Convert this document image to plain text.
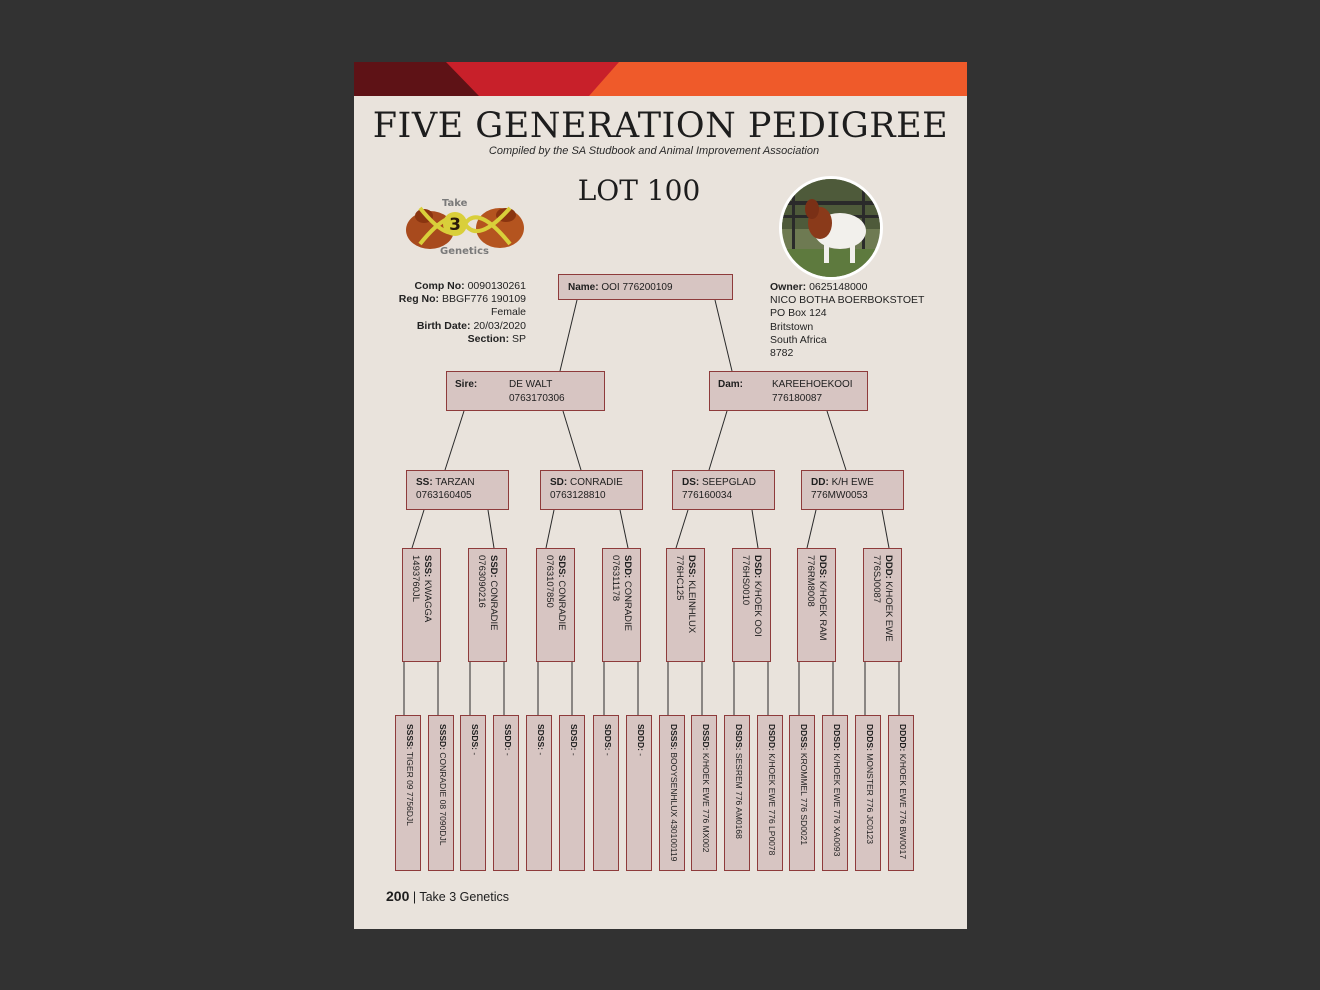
FIVE GENERATION PEDIGREE
Compiled by the SA Studbook and Animal Improvement Association
LOT 100
3
Take
Genetics
Comp No: 0090130261
Reg No: BBGF776 190109
Female
Birth Date: 20/03/2020
Section: SP
Owner: 0625148000
NICO BOTHA BOERBOKSTOET
PO Box 124
Britstown
South Africa
8782
Name: OOI 776200109
Sire:	DE WALT
0763170306
Dam:	KAREEHOEKOOI
776180087
SS: TARZAN
0763160405
SD: CONRADIE
0763128810
DS: SEEPGLAD
776160034
DD: K/H EWE
776MW0053
SSS: KWAGGA
1493760JL	SSD: CONRADIE
0763090216	SDS: CONRADIE
0763107850	SDD: CONRADIE
076311178	DSS: KLEINHLUX
776HC125	DSD: K/HOEK OOI
776HS0010	DDS: K/HOEK RAM
776RM8008	DDD: K/HOEK EWE
776SJ0087
SSSS: TIGER 09 7756DJL
SSSD: CONRADIE 08 7090DJL
SSDS: -
SSDD: -
SDSS: -
SDSD: -
SDDS: -
SDDD: -
DSSS: BOOYSENHLUX 430100119
DSSD: K/HOEK EWE 776 MX002
DSDS: SESREM 776 AM0168
DSDD: K/HOEK EWE 776 LP0078
DDSS: KROMMEL 776 SD0021
DDSD: K/HOEK EWE 776 XA0093
DDDS: MONSTER 776 JC0123
DDDD: K/HOEK EWE 776 BW0017
200 | Take 3 Genetics
